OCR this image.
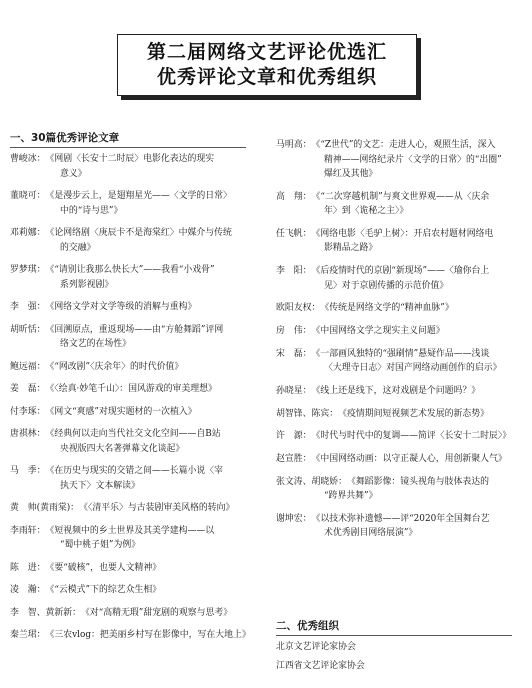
第二届网络文艺评论优选汇
优秀评论文章和优秀组织
一、30篇优秀评论文章
曹峻冰：《网剧〈长安十二时辰〉电影化表达的现实
意义》
董晓可：《是漫步云上，是翅翔星光——〈文学的日常〉
中的“诗与思”》
邓莉娜：《论网络剧〈庚辰卡不是海棠红〉中媒介与传统
的交融》
罗梦琪：《“请别让我那么快长大”——我看“小戏骨”
系列影视剧》
李　强：《网络文学对文学等级的消解与重构》
胡昕恬：《回溯原点，重返现场——由“方舱舞蹈”评网
络文艺的在场性》
鲍远福：《“网改剧”〈庆余年〉的时代价值》
姜　磊：《〈绘真·妙笔千山〉：国风游戏的审美理想》
付李琢：《网文“爽感”对现实题材的一次植入》
唐祺林：《经典何以走向当代社交文化空间——自B站
央视版四大名著弹幕文化谈起》
马　季：《在历史与现实的交错之间——长篇小说〈宰
执天下〉文本解读》
黄　帅(黄雨棠)：《〈清平乐〉与古装剧审美风格的转向》
李雨轩：《短视频中的乡土世界及其美学建构——以
“蜀中桃子姐”为例》
陈　进：《要“破核”，也要人文精神》
凌　瀚：《“云模式”下的综艺众生相》
李　智、黄新新：《对“高精无瑕”甜宠剧的观察与思考》
秦兰珺：《三农vlog：把美丽乡村写在影像中，写在大地上》
马明高：《“Z世代”的文艺：走进人心，观照生活，深入
精神——网络纪录片〈文学的日常〉的“出圈”
爆红及其他》
高　翔：《“二次穿越机制”与爽文世界观——从〈庆余
年〉到〈诡秘之主〉》
任飞帆：《网络电影〈毛驴上树〉：开启农村题材网络电
影精品之路》
李　阳：《后疫情时代的京剧“新现场”——〈瑜你台上
见〉对于京剧传播的示范价值》
欧阳友权：《传统是网络文学的“精神血脉”》
房　伟：《中国网络文学之现实主义问题》
宋　磊：《一部画风独特的“强刷情”悬疑作品——浅谈
〈大理寺日志〉对国产网络动画创作的启示》
孙晓星：《线上还是线下，这对戏剧是个问题吗？》
胡智锋、陈宾：《疫情期间短视频艺术发展的新态势》
许　源：《时代与时代中的复调——简评〈长安十二时辰〉》
赵宣胜：《中国网络动画：以守正凝人心，用创新聚人气》
张文涛、胡晓娇：《舞蹈影像：镜头视角与肢体表达的
“跨界共舞”》
谢坤宏：《以技术弥补遗憾——评“2020年全国舞台艺
术优秀剧目网络展演”》
二、优秀组织
北京文艺评论家协会
江西省文艺评论家协会
